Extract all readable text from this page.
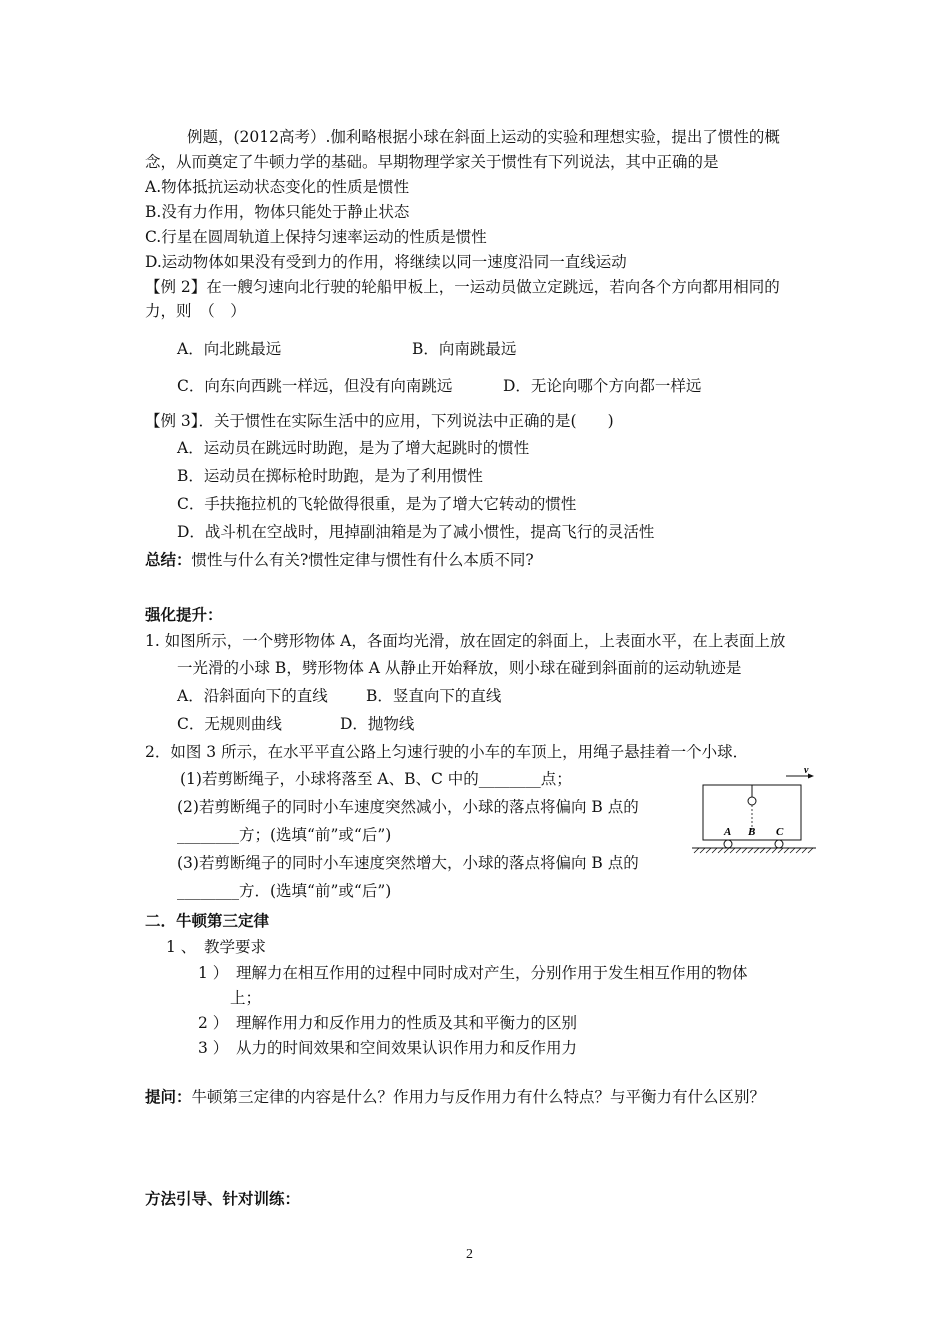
例题，(2012高考）.伽利略根据小球在斜面上运动的实验和理想实验，提出了惯性的概
念，从而奠定了牛顿力学的基础。早期物理学家关于惯性有下列说法，其中正确的是
A.物体抵抗运动状态变化的性质是惯性
B.没有力作用，物体只能处于静止状态
C.行星在圆周轨道上保持匀速率运动的性质是惯性
D.运动物体如果没有受到力的作用，将继续以同一速度沿同一直线运动
【例 2】在一艘匀速向北行驶的轮船甲板上，一运动员做立定跳远，若向各个方向都用相同的
力，则　（　）
A．向北跳最远	B．向南跳最远
C．向东向西跳一样远，但没有向南跳远	D．无论向哪个方向都一样远
【例 3】．关于惯性在实际生活中的应用，下列说法中正确的是(　　)
A．运动员在跳远时助跑，是为了增大起跳时的惯性
B．运动员在掷标枪时助跑，是为了利用惯性
C．手扶拖拉机的飞轮做得很重，是为了增大它转动的惯性
D．战斗机在空战时，甩掉副油箱是为了减小惯性，提高飞行的灵活性
总结：惯性与什么有关?惯性定律与惯性有什么本质不同?
强化提升：
1. 如图所示，一个劈形物体 A，各面均光滑，放在固定的斜面上，上表面水平，在上表面上放
一光滑的小球 B，劈形物体 A 从静止开始释放，则小球在碰到斜面前的运动轨迹是
A．沿斜面向下的直线 B．竖直向下的直线
C．无规则曲线	D．抛物线
2．如图 3 所示，在水平平直公路上匀速行驶的小车的车顶上，用绳子悬挂着一个小球．
(1)若剪断绳子，小球将落至 A、B、C 中的________点；
(2)若剪断绳子的同时小车速度突然减小，小球的落点将偏向 B 点的
________方；(选填“前”或“后”)
(3)若剪断绳子的同时小车速度突然增大，小球的落点将偏向 B 点的
________方．(选填“前”或“后”)
v
A B C
二．牛顿第三定律
1 、　教学要求
1 ）　理解力在相互作用的过程中同时成对产生，分别作用于发生相互作用的物体
上；
2 ）　理解作用力和反作用力的性质及其和平衡力的区别
3 ）　从力的时间效果和空间效果认识作用力和反作用力
提问：牛顿第三定律的内容是什么？作用力与反作用力有什么特点？与平衡力有什么区别？
方法引导、针对训练：
2
